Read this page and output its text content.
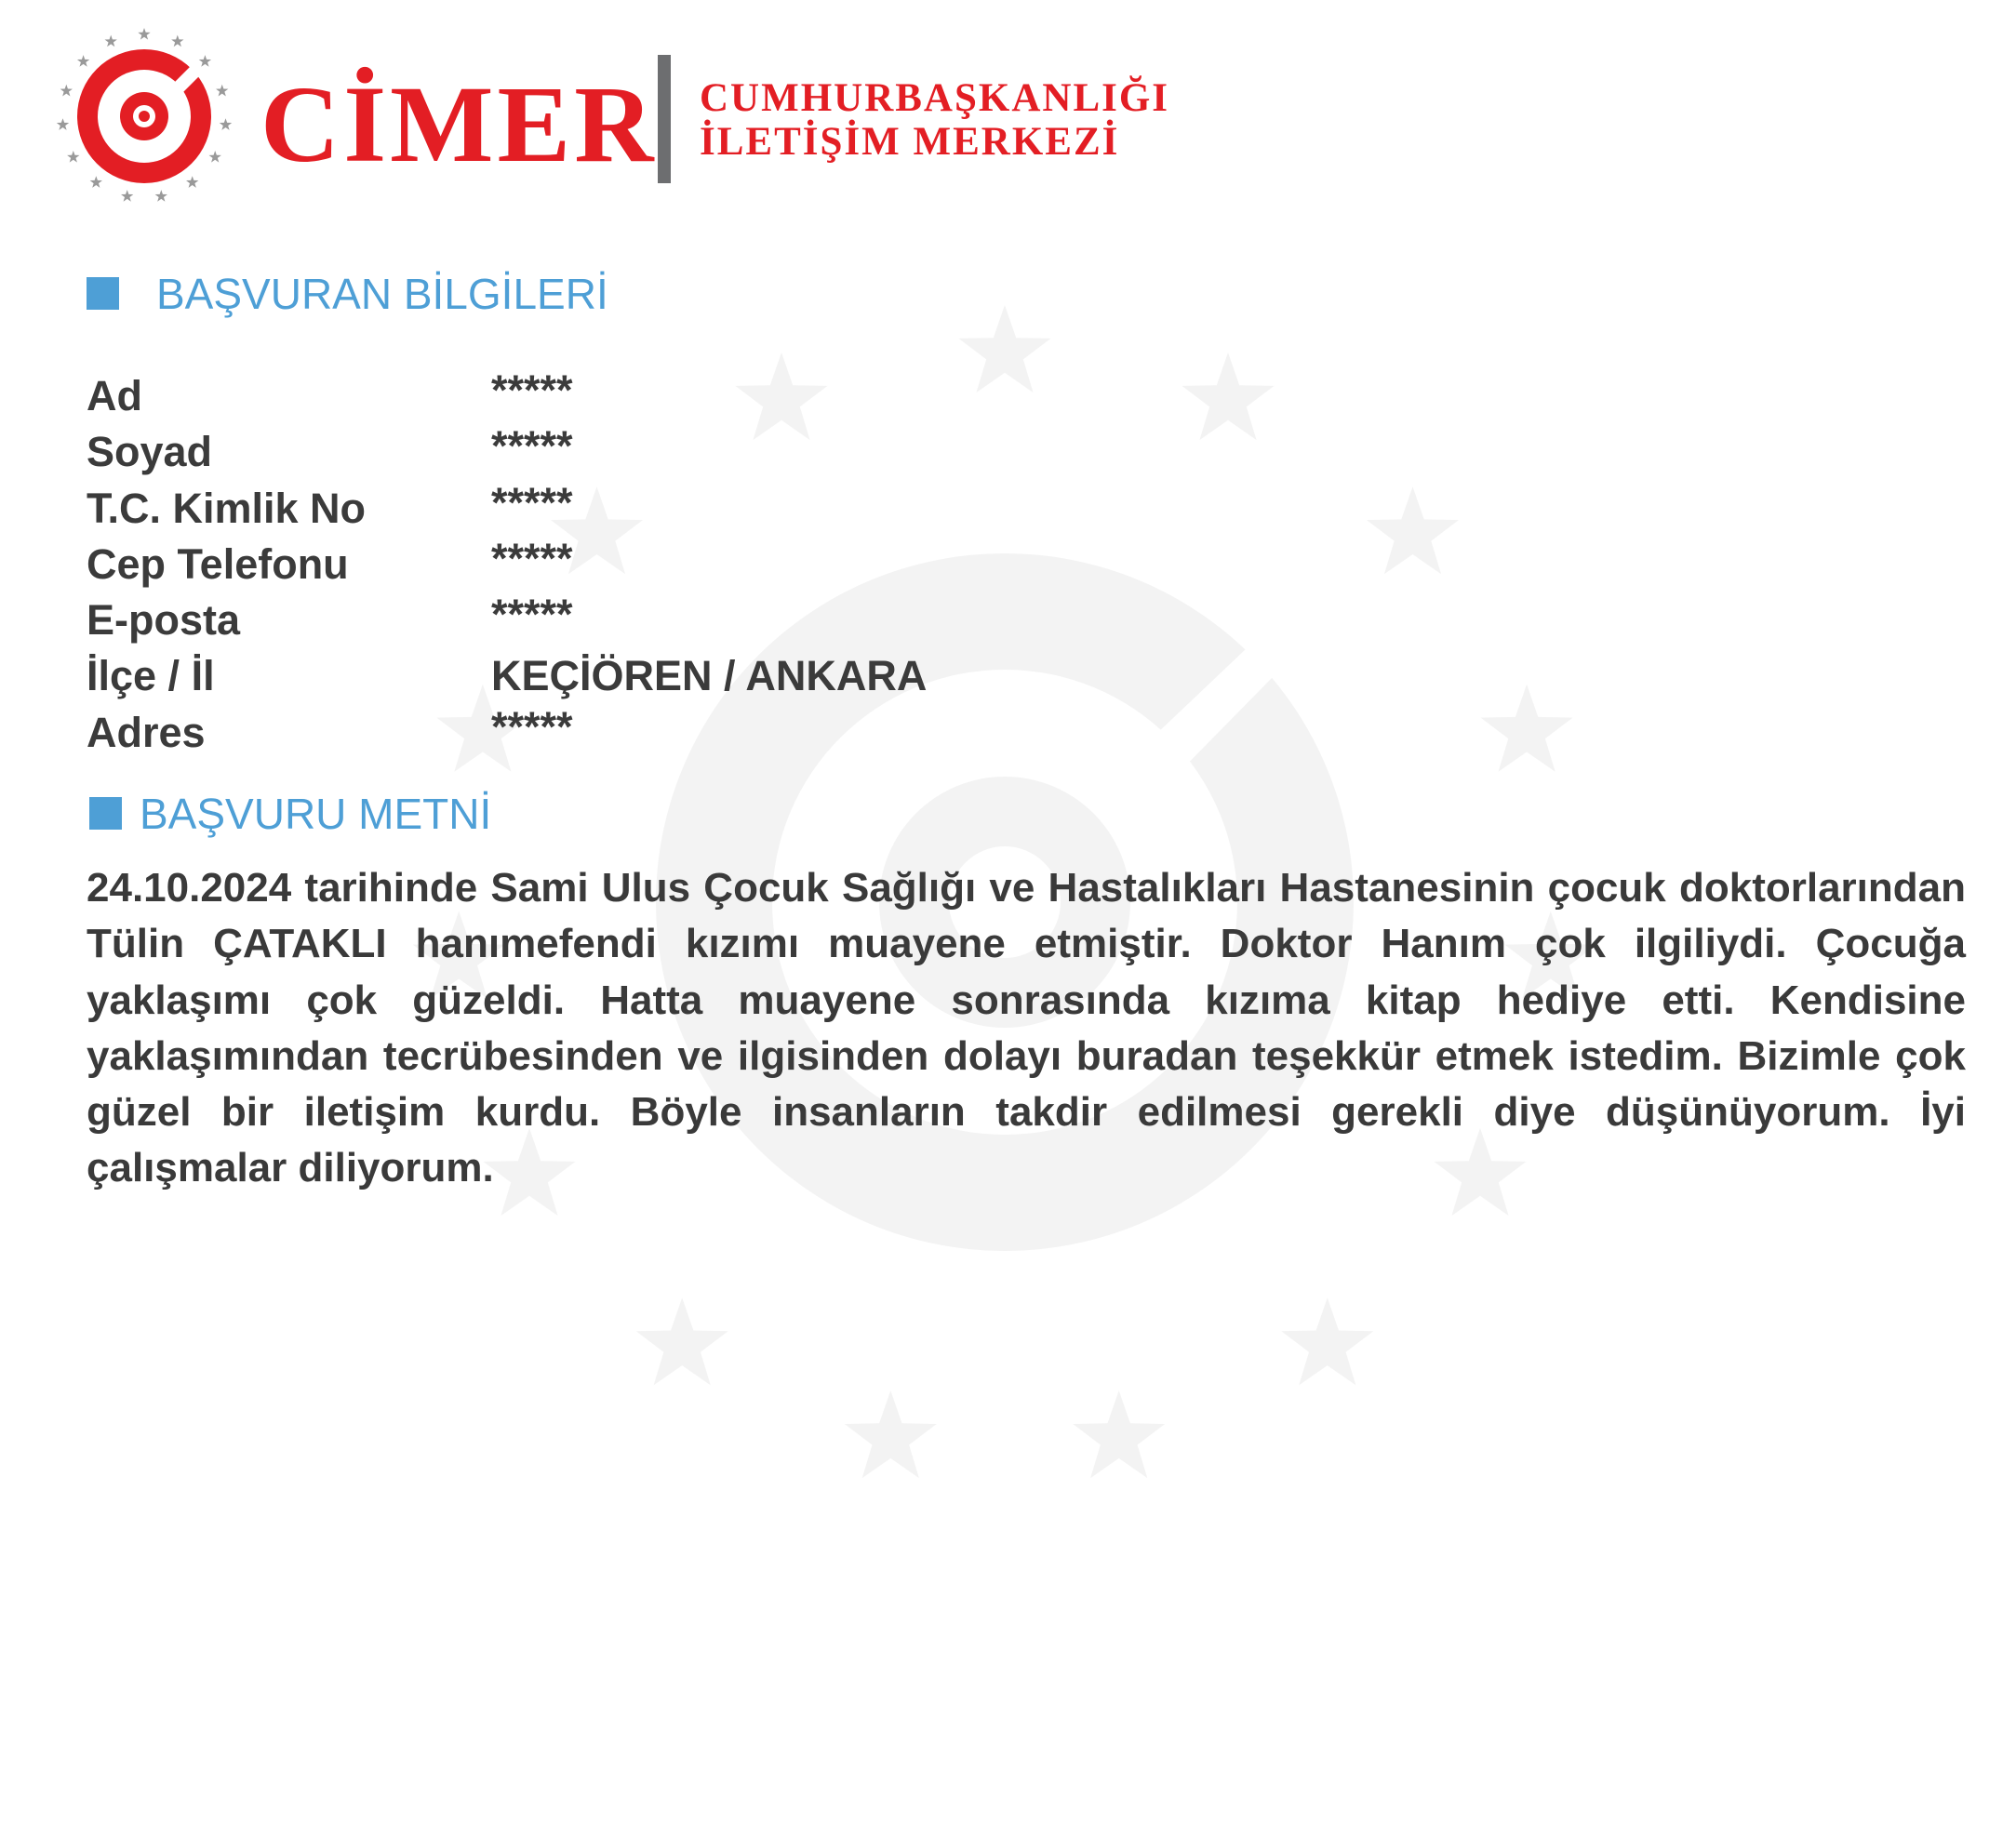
CİMER CUMHURBAŞKANLIĞI
İLETİŞİM MERKEZİ
BAŞVURAN BİLGİLERİ
Ad	*****
Soyad	*****
T.C. Kimlik No	*****
Cep Telefonu	*****
E-posta	*****
İlçe / İl	KEÇİÖREN / ANKARA
Adres	*****
BAŞVURU METNİ
24.10.2024 tarihinde Sami Ulus Çocuk Sağlığı ve Hastalıkları Hastanesinin çocuk doktorlarından Tülin ÇATAKLI hanımefendi kızımı muayene etmiştir. Doktor Hanım çok ilgiliydi. Çocuğa yaklaşımı çok güzeldi. Hatta muayene sonrasında kızıma kitap hediye etti. Kendisine yaklaşımından tecrübesinden ve ilgisinden dolayı buradan teşekkür etmek istedim. Bizimle çok güzel bir iletişim kurdu. Böyle insanların takdir edilmesi gerekli diye düşünüyorum. İyi çalışmalar diliyorum.
